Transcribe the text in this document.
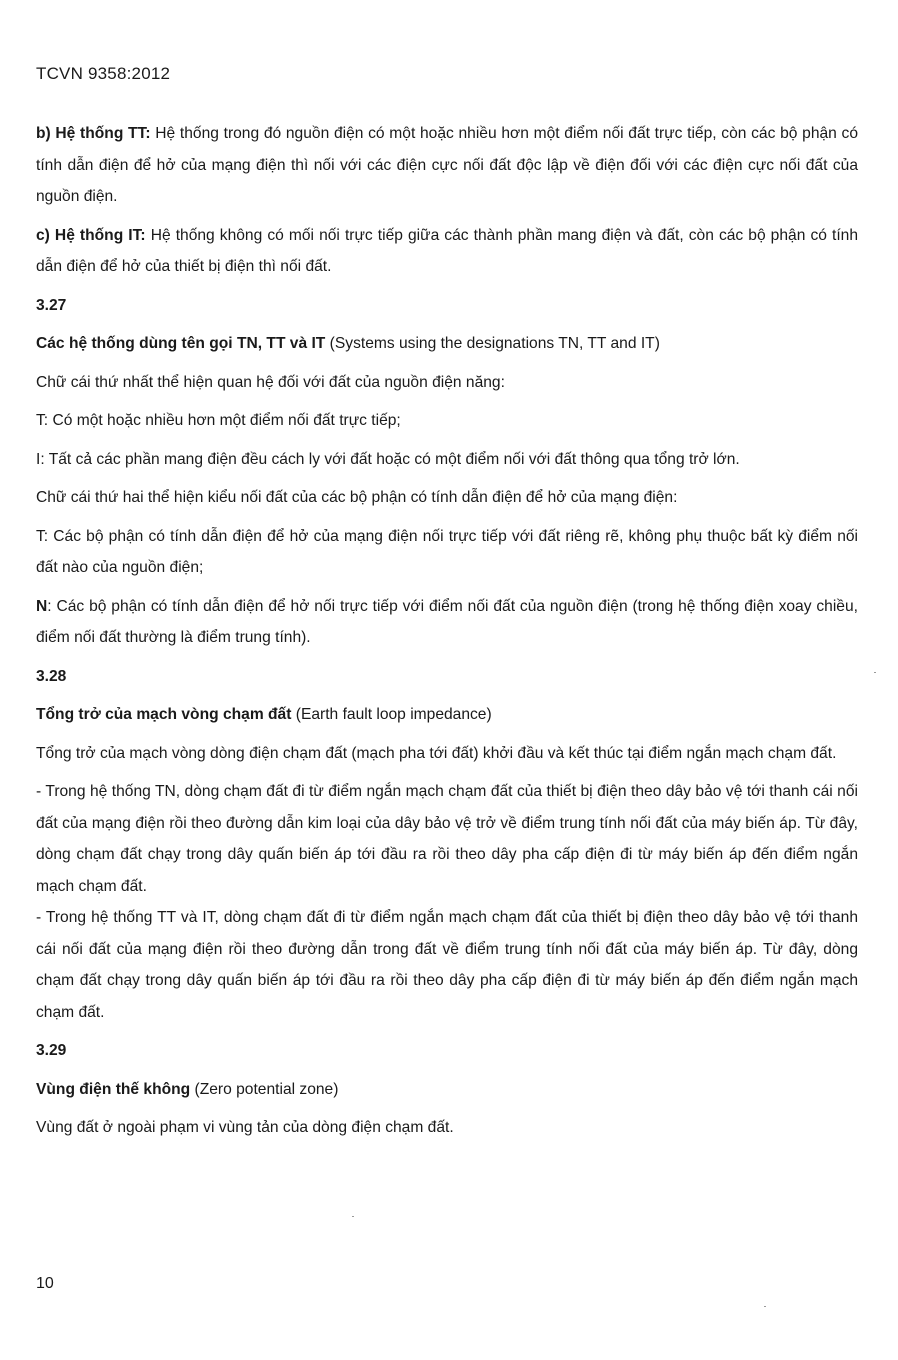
TCVN 9358:2012

b) Hệ thống TT: Hệ thống trong đó nguồn điện có một hoặc nhiều hơn một điểm nối đất trực tiếp, còn các bộ phận có tính dẫn điện để hở của mạng điện thì nối với các điện cực nối đất độc lập về điện đối với các điện cực nối đất của nguồn điện.

c) Hệ thống IT: Hệ thống không có mối nối trực tiếp giữa các thành phần mang điện và đất, còn các bộ phận có tính dẫn điện để hở của thiết bị điện thì nối đất.

3.27

Các hệ thống dùng tên gọi TN, TT và IT (Systems using the designations TN, TT and IT)

Chữ cái thứ nhất thể hiện quan hệ đối với đất của nguồn điện năng:

T: Có một hoặc nhiều hơn một điểm nối đất trực tiếp;

I: Tất cả các phần mang điện đều cách ly với đất hoặc có một điểm nối với đất thông qua tổng trở lớn.

Chữ cái thứ hai thể hiện kiểu nối đất của các bộ phận có tính dẫn điện để hở của mạng điện:

T: Các bộ phận có tính dẫn điện để hở của mạng điện nối trực tiếp với đất riêng rẽ, không phụ thuộc bất kỳ điểm nối đất nào của nguồn điện;

N: Các bộ phận có tính dẫn điện để hở nối trực tiếp với điểm nối đất của nguồn điện (trong hệ thống điện xoay chiều, điểm nối đất thường là điểm trung tính).

3.28

Tổng trở của mạch vòng chạm đất (Earth fault loop impedance)

Tổng trở của mạch vòng dòng điện chạm đất (mạch pha tới đất) khởi đầu và kết thúc tại điểm ngắn mạch chạm đất.

- Trong hệ thống TN, dòng chạm đất đi từ điểm ngắn mạch chạm đất của thiết bị điện theo dây bảo vệ tới thanh cái nối đất của mạng điện rồi theo đường dẫn kim loại của dây bảo vệ trở về điểm trung tính nối đất của máy biến áp. Từ đây, dòng chạm đất chạy trong dây quấn biến áp tới đầu ra rồi theo dây pha cấp điện đi từ máy biến áp đến điểm ngắn mạch chạm đất.

- Trong hệ thống TT và IT, dòng chạm đất đi từ điểm ngắn mạch chạm đất của thiết bị điện theo dây bảo vệ tới thanh cái nối đất của mạng điện rồi theo đường dẫn trong đất về điểm trung tính nối đất của máy biến áp. Từ đây, dòng chạm đất chạy trong dây quấn biến áp tới đầu ra rồi theo dây pha cấp điện đi từ máy biến áp đến điểm ngắn mạch chạm đất.

3.29

Vùng điện thế không (Zero potential zone)

Vùng đất ở ngoài phạm vi vùng tản của dòng điện chạm đất.

10
